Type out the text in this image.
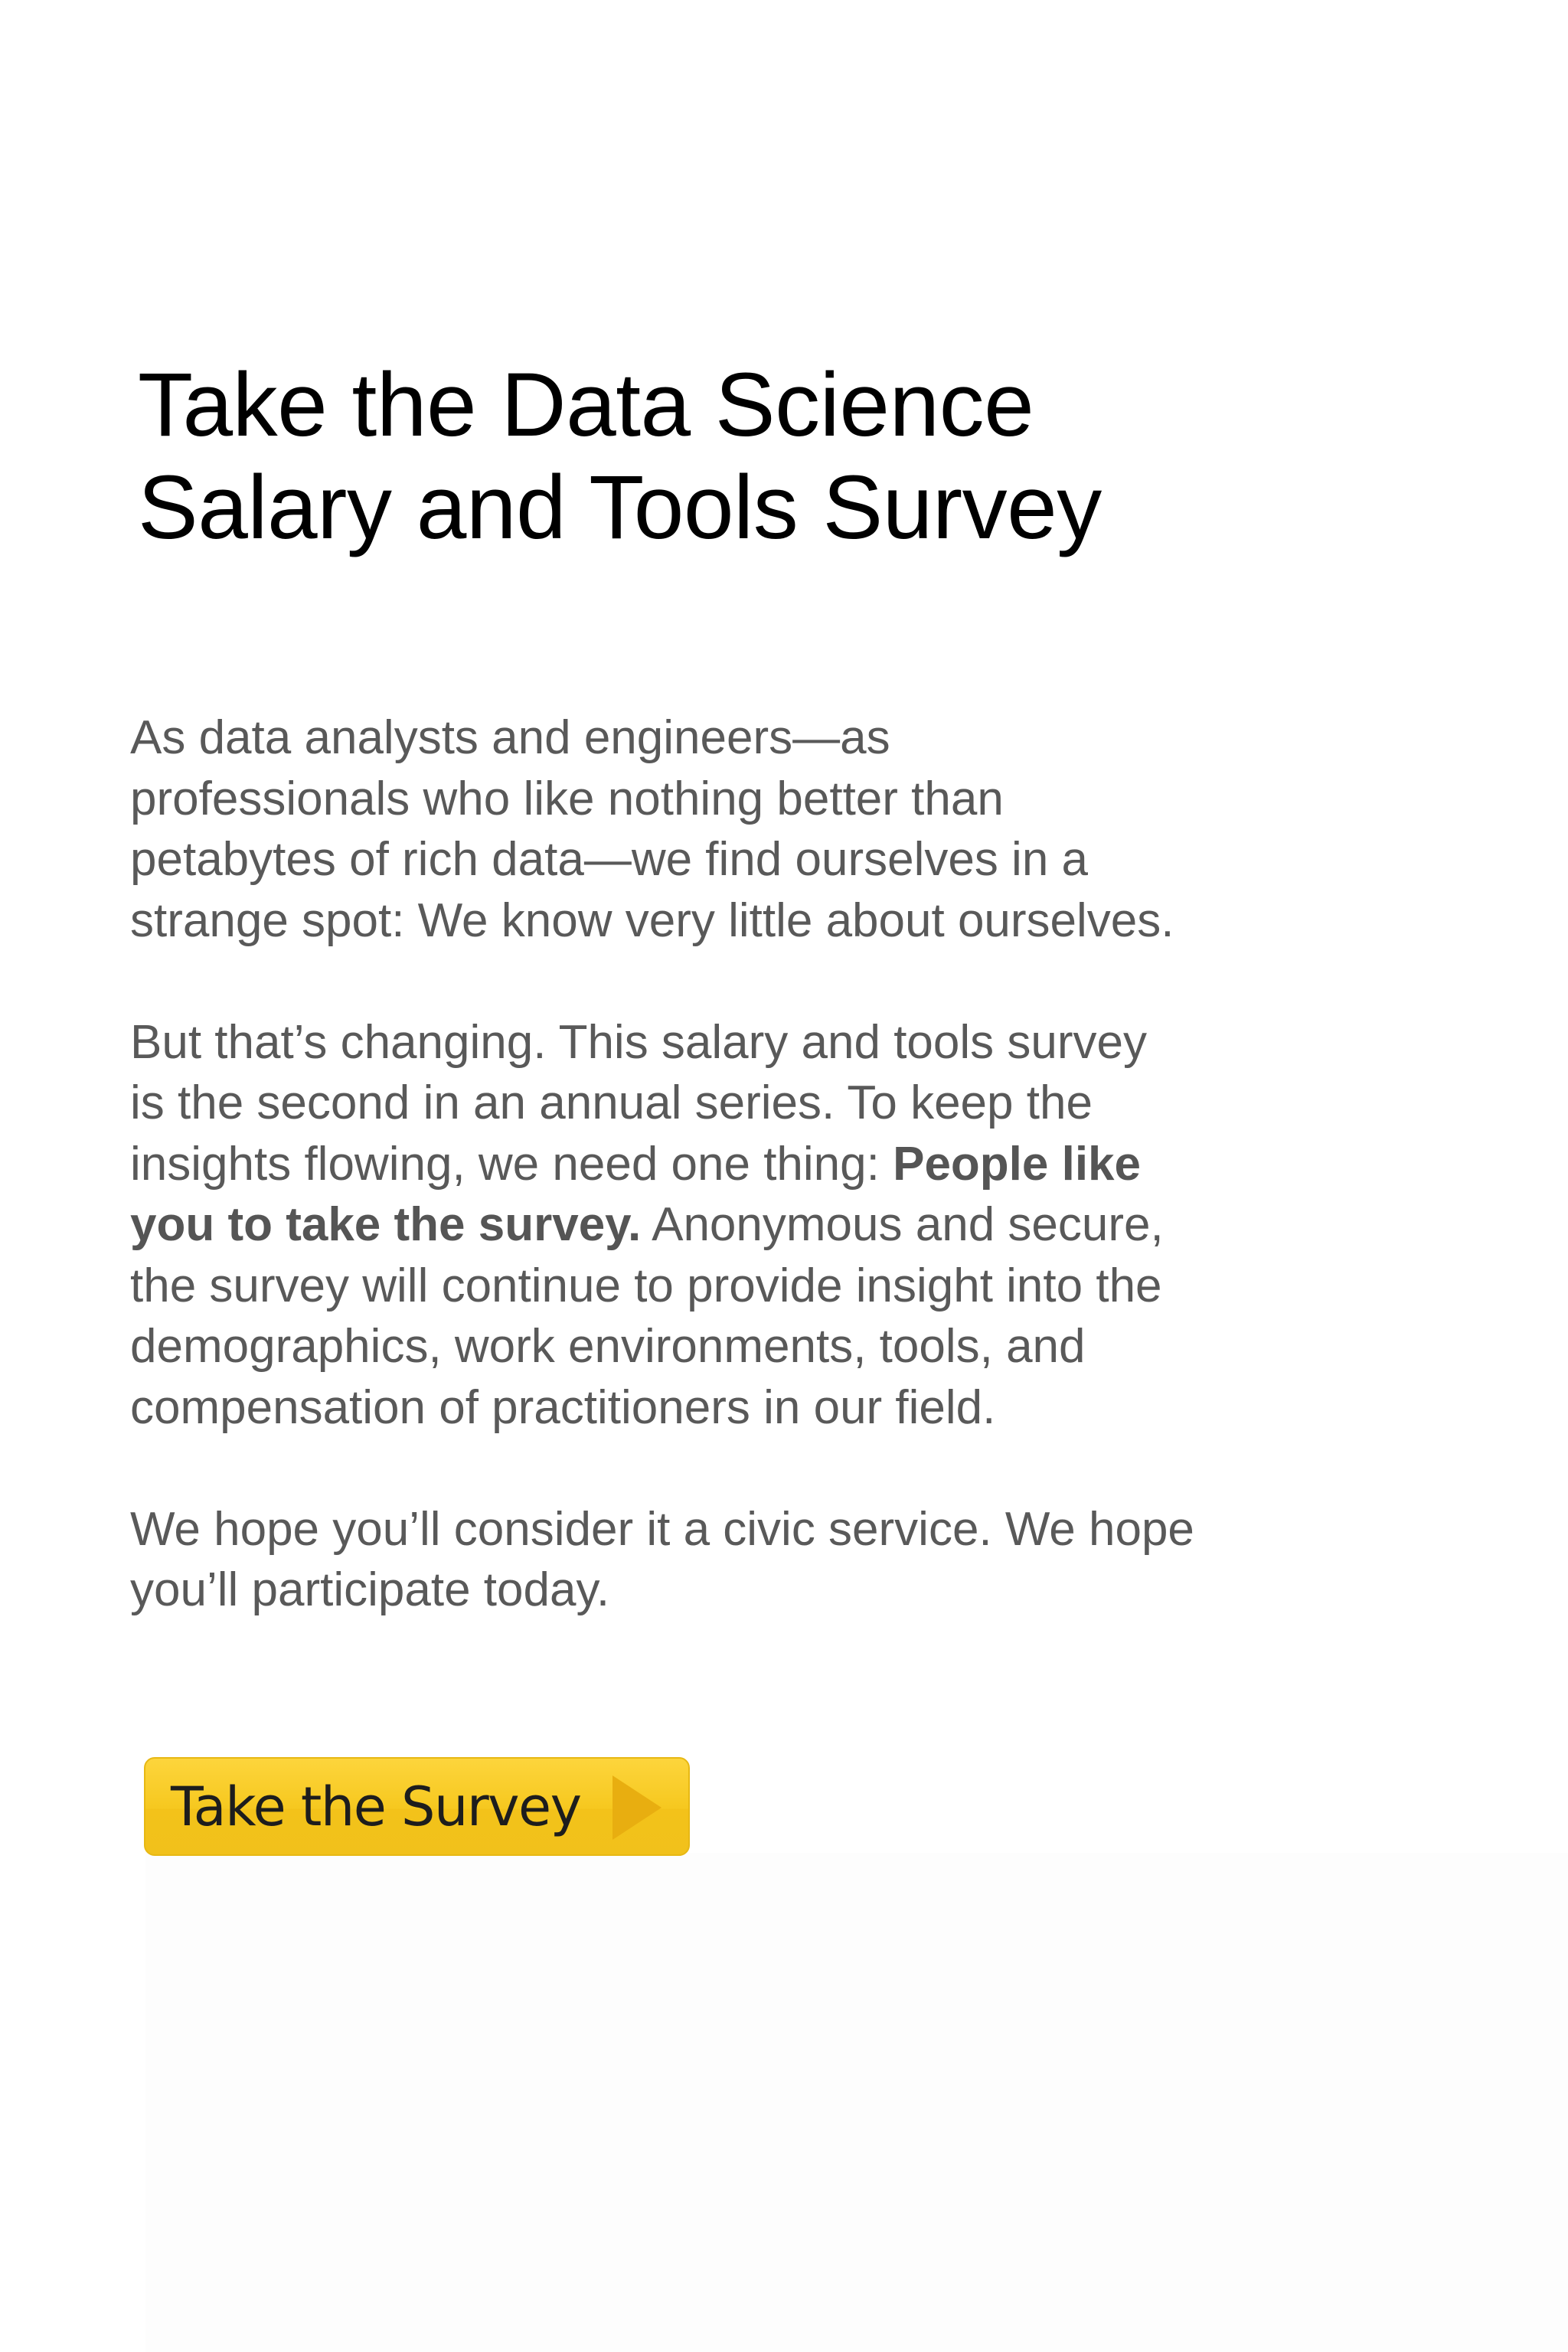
Take the Data Science
Salary and Tools Survey

As data analysts and engineers—as
professionals who like nothing better than
petabytes of rich data—we find ourselves in a
strange spot: We know very little about ourselves.

But that’s changing. This salary and tools survey
is the second in an annual series. To keep the
insights flowing, we need one thing: People like
you to take the survey. Anonymous and secure,
the survey will continue to provide insight into the
demographics, work environments, tools, and
compensation of practitioners in our field.

We hope you’ll consider it a civic service. We hope
you’ll participate today.

Take the Survey
